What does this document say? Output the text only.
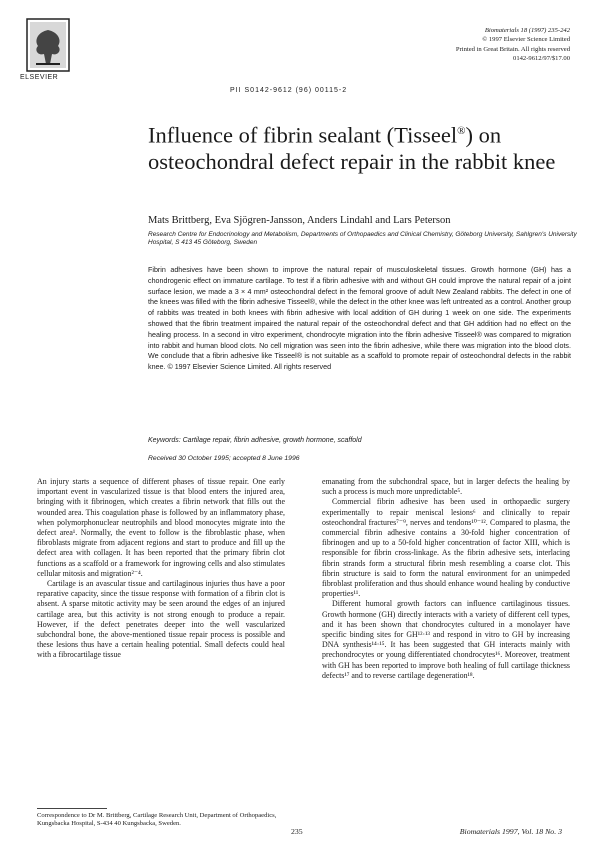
ELSEVIER
PII S0142-9612 (96) 00115-2
Biomaterials 18 (1997) 235-242
© 1997 Elsevier Science Limited
Printed in Great Britain. All rights reserved
0142-9612/97/$17.00
Influence of fibrin sealant (Tisseel®) on osteochondral defect repair in the rabbit knee
Mats Brittberg, Eva Sjögren-Jansson, Anders Lindahl and Lars Peterson
Research Centre for Endocrinology and Metabolism, Departments of Orthopaedics and Clinical Chemistry, Göteborg University, Sahlgren's University Hospital, S 413 45 Göteborg, Sweden

Fibrin adhesives have been shown to improve the natural repair of musculoskeletal tissues. Growth hormone (GH) has a chondrogenic effect on immature cartilage. To test if a fibrin adhesive with and without GH could improve the natural repair of a joint surface lesion, we made a 3 × 4 mm² osteochondral defect in the femoral groove of adult New Zealand rabbits. The defect in one of the knees was filled with the fibrin adhesive Tisseel®, while the defect in the other knee was left untreated as a control. Another group of rabbits was treated in both knees with fibrin adhesive with local addition of GH during 1 week on one side. The experiments showed that the fibrin treatment impaired the natural repair of the osteochondral defect and that GH addition had no effect on the healing process. In a second in vitro experiment, chondrocyte migration into the fibrin adhesive Tisseel® was compared to migration into rabbit and human blood clots. No cell migration was seen into the fibrin adhesive, while there was migration into the blood clots. We conclude that a fibrin adhesive like Tisseel® is not suitable as a scaffold to promote repair of osteochondral defects in the rabbit knee. © 1997 Elsevier Science Limited. All rights reserved

Keywords: Cartilage repair, fibrin adhesive, growth hormone, scaffold
Received 30 October 1995; accepted 8 June 1996

An injury starts a sequence of different phases of tissue repair. One early important event in vascularized tissue is that blood enters the injured area, bringing with it fibrinogen, which creates a fibrin network that fills out the wounded area. This coagulation phase is followed by an inflammatory phase, when polymorphonuclear neutrophils and blood monocytes migrate into the defect area¹. Normally, the event to follow is the fibroblastic phase, when fibroblasts migrate from adjacent regions and start to produce and fill up the defect area with collagen. It has been reported that the primary fibrin clot functions as a scaffold or a framework for ingrowing cells and also stimulates cellular mitosis and migration²⁻⁴.

Cartilage is an avascular tissue and cartilaginous injuries thus have a poor reparative capacity, since the tissue response with formation of a fibrin clot is absent. A sparse mitotic activity may be seen around the edges of an injured cartilage area, but this activity is not strong enough to produce a repair. However, if the defect penetrates deeper into the well vascularized subchondral bone, the above-mentioned tissue repair process is possible and these lesions thus have a certain healing potential. Small defects could heal with a fibrocartilage tissue

emanating from the subchondral space, but in larger defects the healing by such a process is much more unpredictable⁵.

Commercial fibrin adhesive has been used in orthopaedic surgery experimentally to repair meniscal lesions⁶ and clinically to repair osteochondral fractures⁷⁻⁹, nerves and tendons¹⁰⁻¹². Compared to plasma, the commercial fibrin adhesive contains a 30-fold higher concentration of fibrinogen and up to a 50-fold higher concentration of factor XIII, which is responsible for fibrin cross-linkage. As the fibrin adhesive sets, interlacing fibrin strands form a structural fibrin mesh resembling a coarse clot. This fibrin structure is said to form the natural environment for an unimpeded fibroblast proliferation and thus should enhance wound healing by conductive properties¹¹.

Different humoral growth factors can influence cartilaginous tissues. Growth hormone (GH) directly interacts with a variety of different cell types, and it has been shown that chondrocytes cultured in a monolayer have specific binding sites for GH¹²·¹³ and respond in vitro to GH by increasing DNA synthesis¹⁴·¹⁵. It has been suggested that GH interacts mainly with prechondrocytes or young differentiated chondrocytes¹⁶. Moreover, treatment with GH has been reported to improve both healing of full cartilage thickness defects¹⁷ and to reverse cartilage degeneration¹⁸.

Correspondence to Dr M. Brittberg, Cartilage Research Unit, Department of Orthopaedics, Kungsbacka Hospital, S-434 40 Kungsbacka, Sweden.
235	Biomaterials 1997, Vol. 18 No. 3
